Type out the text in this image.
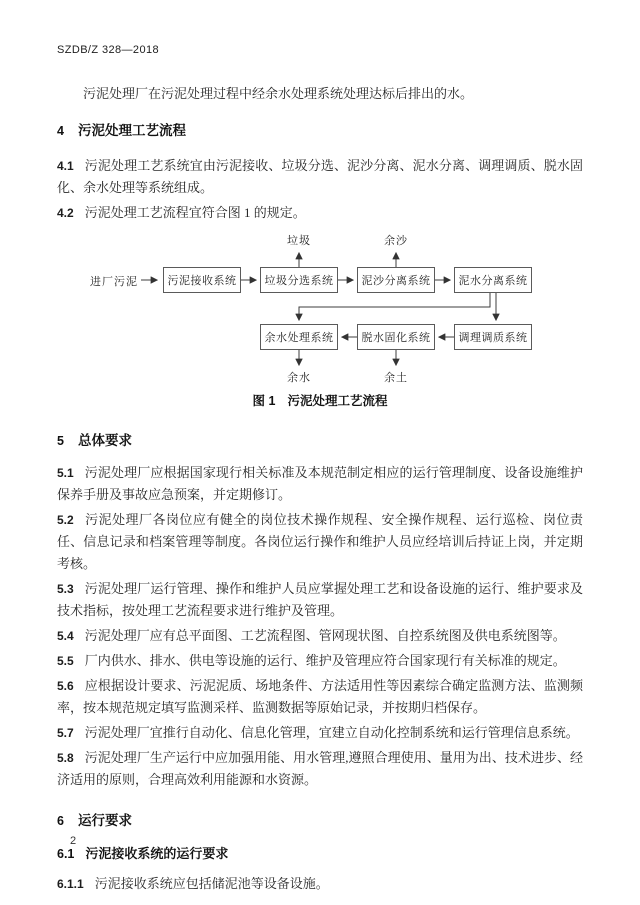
SZDB/Z 328—2018

污泥处理厂在污泥处理过程中经余水处理系统处理达标后排出的水。

4 污泥处理工艺流程

4.1 污泥处理工艺系统宜由污泥接收、垃圾分选、泥沙分离、泥水分离、调理调质、脱水固化、余水处理等系统组成。

4.2 污泥处理工艺流程宜符合图 1 的规定。

垃圾	余沙
进厂污泥	污泥接收系统	垃圾分选系统	泥沙分离系统	泥水分离系统
余水处理系统	脱水固化系统	调理调质系统
余水	余土
图 1 污泥处理工艺流程
5 总体要求

5.1 污泥处理厂应根据国家现行相关标准及本规范制定相应的运行管理制度、设备设施维护保养手册及事故应急预案，并定期修订。

5.2 污泥处理厂各岗位应有健全的岗位技术操作规程、安全操作规程、运行巡检、岗位责任、信息记录和档案管理等制度。各岗位运行操作和维护人员应经培训后持证上岗，并定期考核。

5.3 污泥处理厂运行管理、操作和维护人员应掌握处理工艺和设备设施的运行、维护要求及技术指标，按处理工艺流程要求进行维护及管理。

5.4 污泥处理厂应有总平面图、工艺流程图、管网现状图、自控系统图及供电系统图等。

5.5 厂内供水、排水、供电等设施的运行、维护及管理应符合国家现行有关标准的规定。

5.6 应根据设计要求、污泥泥质、场地条件、方法适用性等因素综合确定监测方法、监测频率，按本规范规定填写监测采样、监测数据等原始记录，并按期归档保存。

5.7 污泥处理厂宜推行自动化、信息化管理，宜建立自动化控制系统和运行管理信息系统。

5.8 污泥处理厂生产运行中应加强用能、用水管理,遵照合理使用、量用为出、技术进步、经济适用的原则，合理高效利用能源和水资源。

6 运行要求
6.1 污泥接收系统的运行要求

6.1.1 污泥接收系统应包括储泥池等设备设施。

2
